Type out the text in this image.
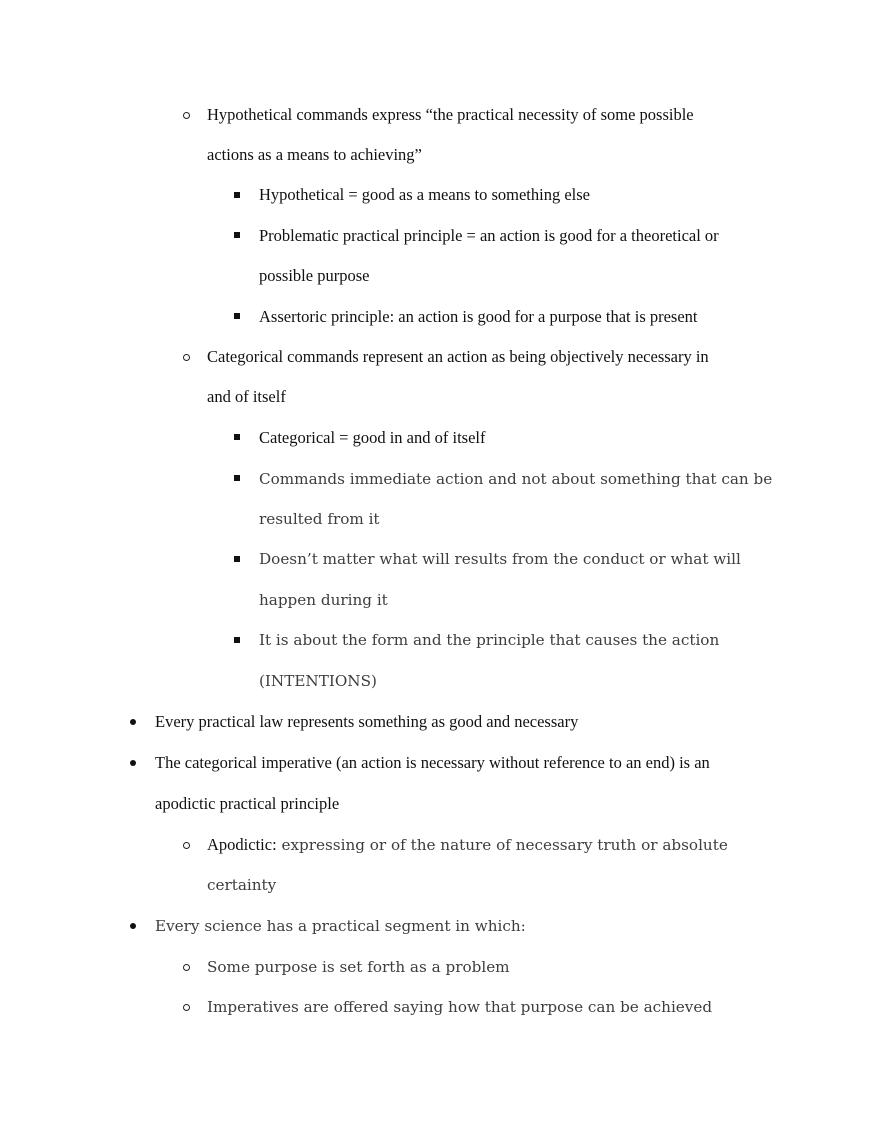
Hypothetical commands express “the practical necessity of some possible
actions as a means to achieving”
Hypothetical = good as a means to something else
Problematic practical principle = an action is good for a theoretical or
possible purpose
Assertoric principle: an action is good for a purpose that is present
Categorical commands represent an action as being objectively necessary in
and of itself
Categorical = good in and of itself
Commands immediate action and not about something that can be
resulted from it
Doesn’t matter what will results from the conduct or what will
happen during it
It is about the form and the principle that causes the action
(INTENTIONS)
Every practical law represents something as good and necessary
The categorical imperative (an action is necessary without reference to an end) is an
apodictic practical principle
Apodictic: expressing or of the nature of necessary truth or absolute
certainty
Every science has a practical segment in which:
Some purpose is set forth as a problem
Imperatives are offered saying how that purpose can be achieved
